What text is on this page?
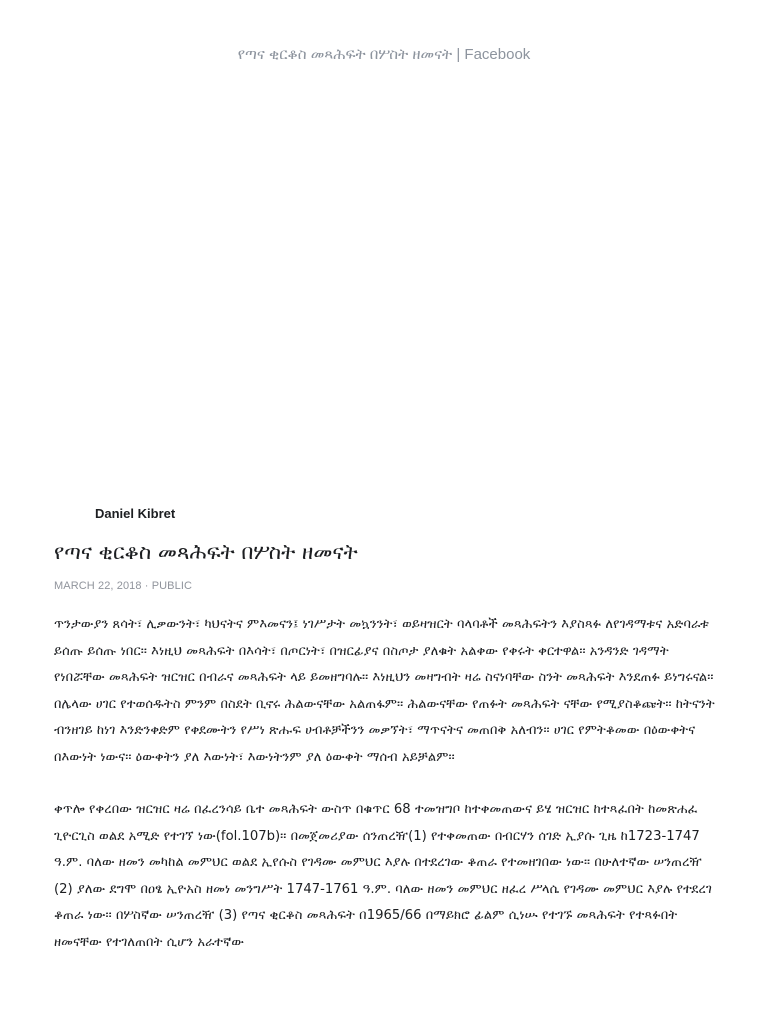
የጣና ቂርቆስ መጻሕፍት በሦስት ዘመናት | Facebook
Daniel Kibret
የጣና ቂርቆስ መጻሕፍት በሦስት ዘመናት
MARCH 22, 2018 · PUBLIC

ጥንታውያን ጸሳት፣ ሊቃውንት፣ ካህናትና ምእመናን፤ ነገሥታት መኳንንት፣ ወይዛዝርት ባላባቶች መጻሕፍትን እያስጻፉ ለየገዳማቱና አድባራቱ ይሰጡ ይሰጡ ነበር፡፡ እነዚህ መጻሕፍት በእሳት፣ በጦርነት፣ በዝርፊያና በስጦታ ያለቁት አልቀው የቀሩት ቀርተዋል፡፡ አንዳንድ ገዳማት የነበሯቸው መጻሕፍት ዝርዝር በብራና መጻሕፍት ላይ ይመዘግባሉ፡፡ እነዚህን መዛግብት ዛሬ ስናነባቸው ስንት መጻሕፍት እንደጠፉ ይነግሩናል፡፡ በሌላው ሀገር የተወሰዱትስ ምንም በስደት ቢኖሩ ሕልውናቸው አልጠፋም፡፡ ሕልውናቸው የጠፉት መጻሕፍት ናቸው የሚያስቆጩት፡፡ ከትናንት ብንዘገይ ከነገ እንድንቀድም የቀደሙትን የሥነ ጽሑፍ ሀብቶቻችንን መቃኘት፣ ማጥናትና መጠበቅ አለብን፡፡ ሀገር የምትቆመው በዕውቀትና በእውነት ነውና፡፡ ዕውቀትን ያለ እውነት፣ እውነትንም ያለ ዕውቀት ማሰብ አይቻልም፡፡

ቀጥሎ የቀረበው ዝርዝር ዛሬ በፈረንሳይ ቤተ መጻሕፍት ውስጥ በቁጥር 68 ተመዝግቦ ከተቀመጠውና ይሄ ዝርዝር ከተጻፈበት ከመጽሐፈ ጊዮርጊስ ወልደ አሚድ የተገኘ ነው(fol.107b)፡፡ በመጀመሪያው ሰንጠረዥ(1) የተቀመጠው በብርሃን ሰገድ ኢያሱ ጊዜ ከ1723-1747 ዓ.ም. ባለው ዘመን መካከል መምህር ወልደ ኢየሱስ የገዳሙ መምህር እያሉ በተደረገው ቆጠራ የተመዘገበው ነው፡፡ በሁለተኛው ሠንጠረዥ (2) ያለው ደግሞ በዐፄ ኢዮአስ ዘመነ መንግሥት 1747-1761 ዓ.ም. ባለው ዘመን መምህር ዘፈረ ሥላሴ የገዳሙ መምህር እያሉ የተደረገ ቆጠራ ነው፡፡ በሦስኛው ሠንጠረዥ (3) የጣና ቂርቆስ መጻሕፍት በ1965/66 በማይክሮ ፊልም ሲነሡ የተገኙ መጻሕፍት የተጻፉበት ዘመናቸው የተገለጠበት ሲሆን አራተኛው
